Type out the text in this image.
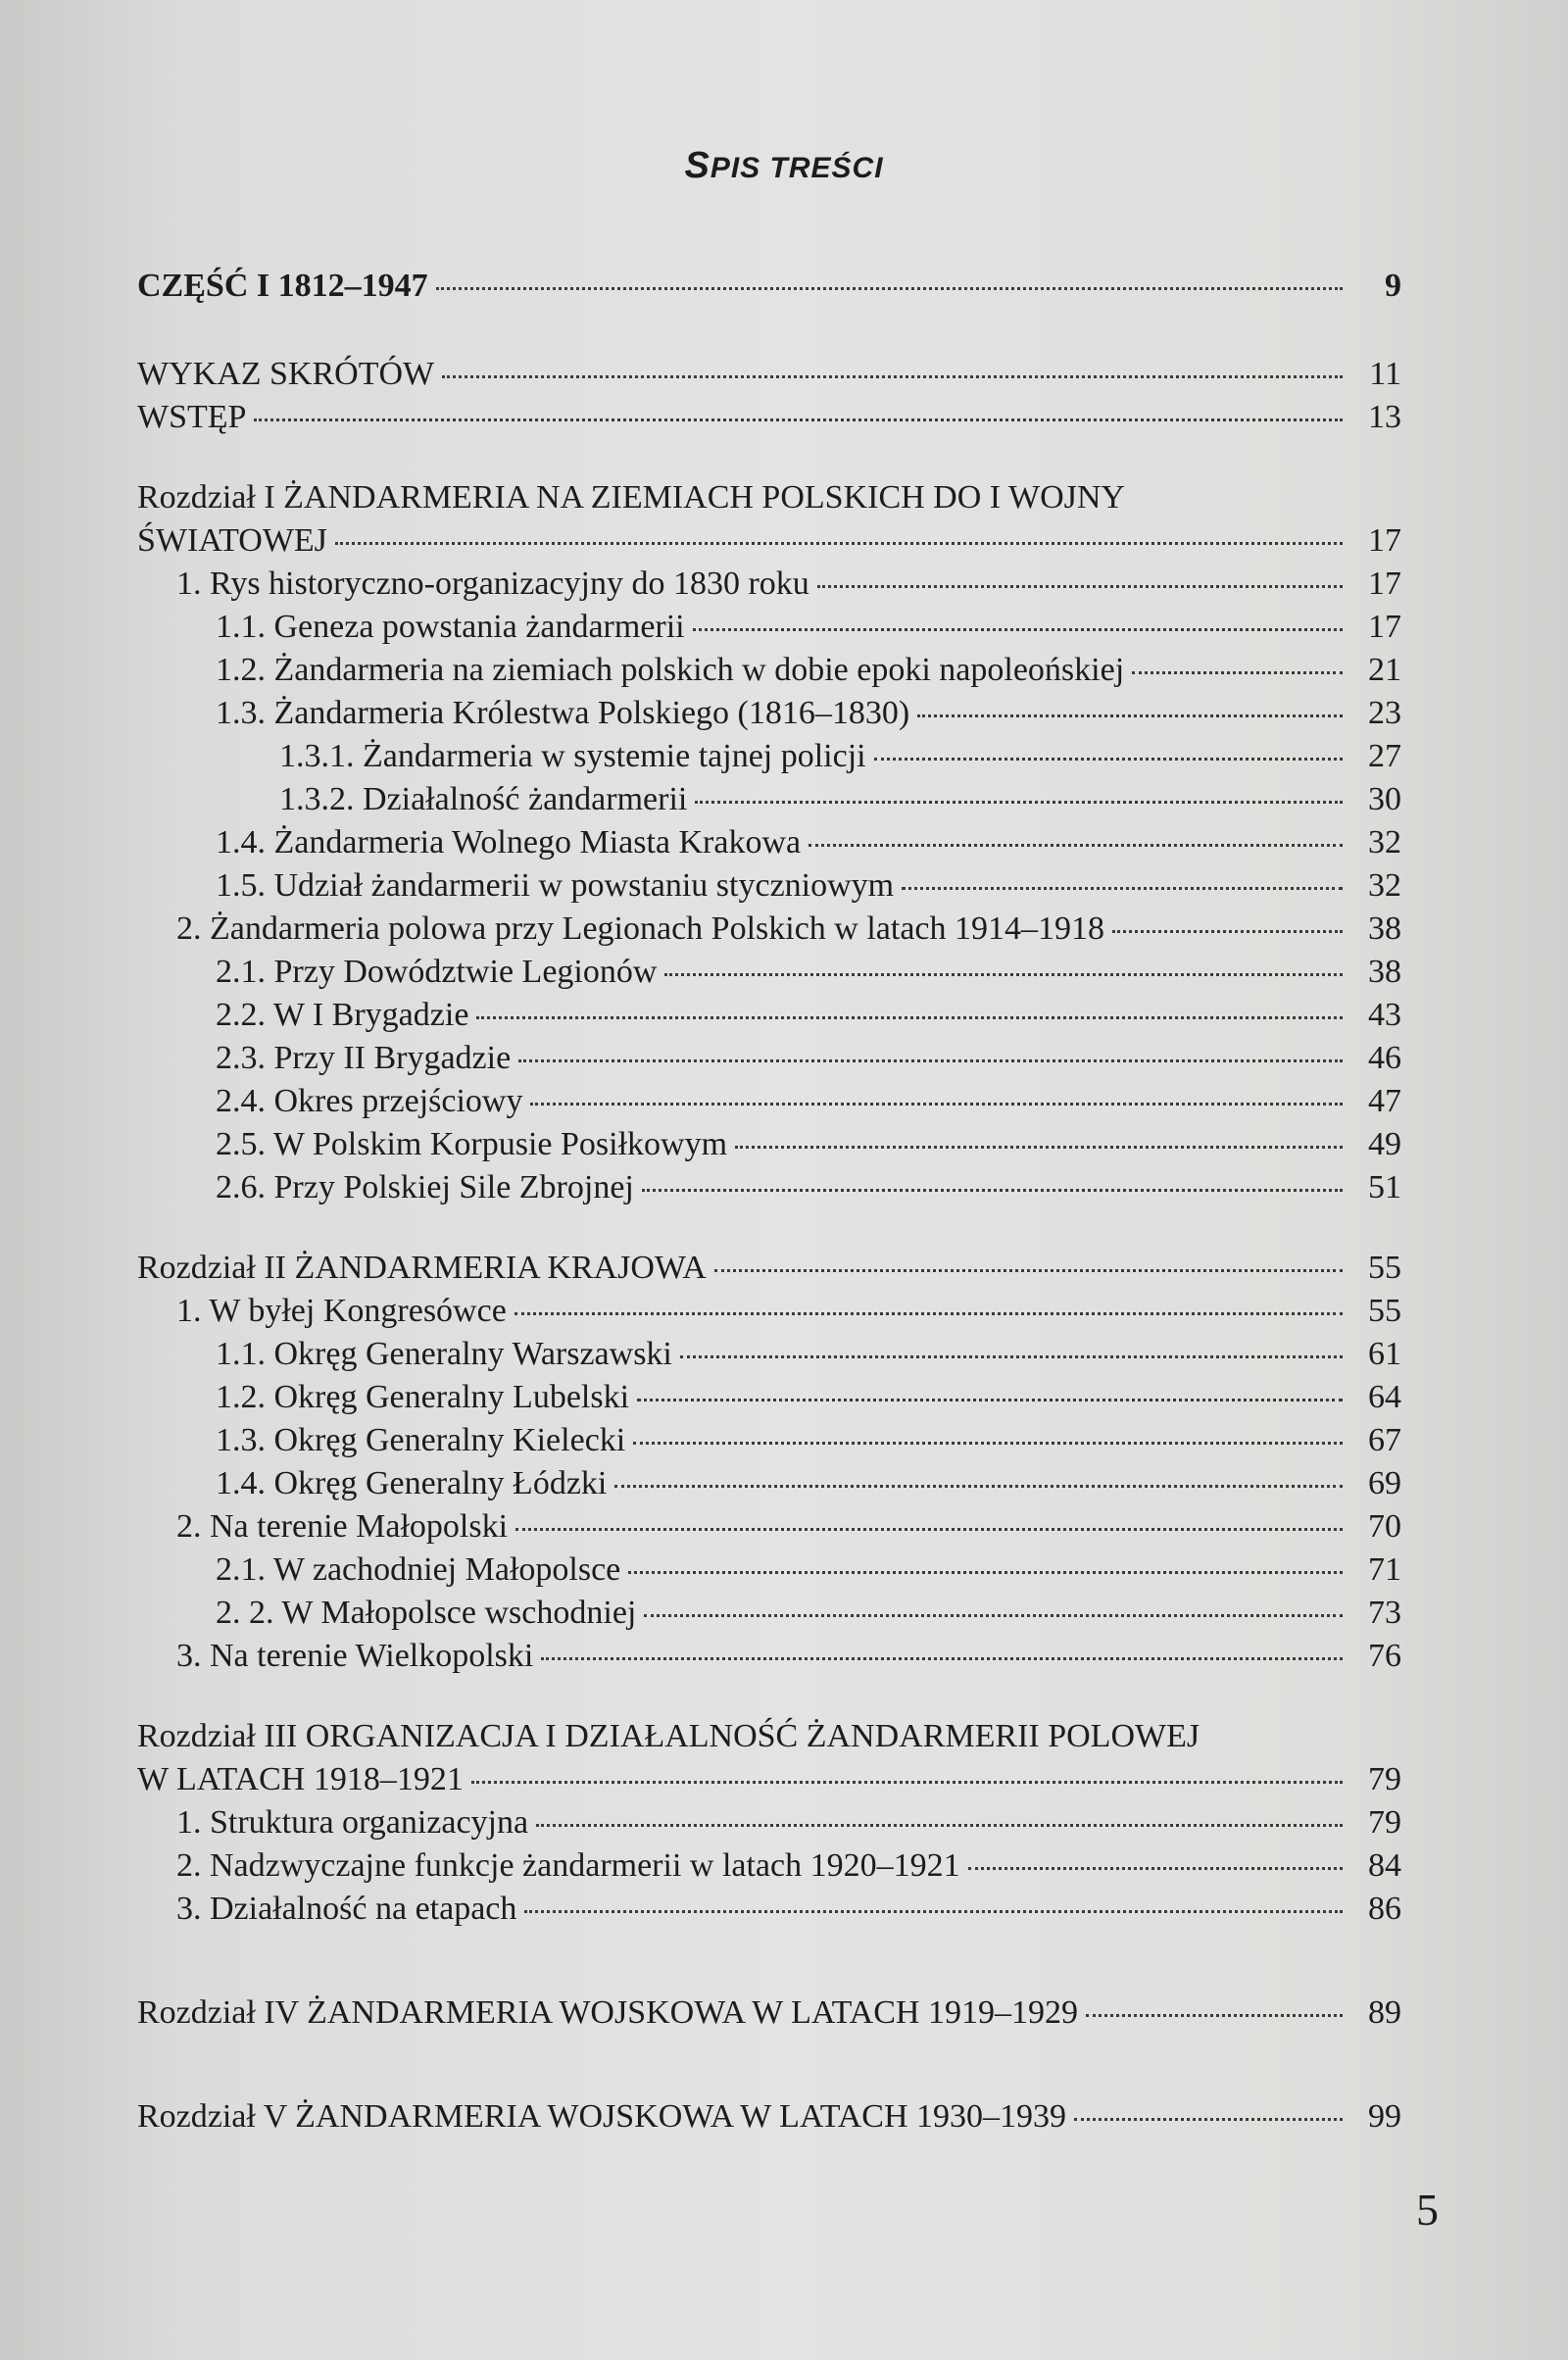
SPIS TREŚCI
CZĘŚĆ I 1812–1947	9
WYKAZ SKRÓTÓW	11
WSTĘP	13
Rozdział I ŻANDARMERIA NA ZIEMIACH POLSKICH DO I WOJNY
ŚWIATOWEJ	17
1. Rys historyczno-organizacyjny do 1830 roku	17
1.1. Geneza powstania żandarmerii	17
1.2. Żandarmeria na ziemiach polskich w dobie epoki napoleońskiej	21
1.3. Żandarmeria Królestwa Polskiego (1816–1830)	23
1.3.1. Żandarmeria w systemie tajnej policji	27
1.3.2. Działalność żandarmerii	30
1.4. Żandarmeria Wolnego Miasta Krakowa	32
1.5. Udział żandarmerii w powstaniu styczniowym	32
2. Żandarmeria polowa przy Legionach Polskich w latach 1914–1918	38
2.1. Przy Dowództwie Legionów	38
2.2. W I Brygadzie	43
2.3. Przy II Brygadzie	46
2.4. Okres przejściowy	47
2.5. W Polskim Korpusie Posiłkowym	49
2.6. Przy Polskiej Sile Zbrojnej	51
Rozdział II ŻANDARMERIA KRAJOWA	55
1. W byłej Kongresówce	55
1.1. Okręg Generalny Warszawski	61
1.2. Okręg Generalny Lubelski	64
1.3. Okręg Generalny Kielecki	67
1.4. Okręg Generalny Łódzki	69
2. Na terenie Małopolski	70
2.1. W zachodniej Małopolsce	71
2. 2. W Małopolsce wschodniej	73
3. Na terenie Wielkopolski	76
Rozdział III ORGANIZACJA I DZIAŁALNOŚĆ ŻANDARMERII POLOWEJ
W LATACH 1918–1921	79
1. Struktura organizacyjna	79
2. Nadzwyczajne funkcje żandarmerii w latach 1920–1921	84
3. Działalność na etapach	86
Rozdział IV ŻANDARMERIA WOJSKOWA W LATACH 1919–1929	89
Rozdział V ŻANDARMERIA WOJSKOWA W LATACH 1930–1939	99
5
